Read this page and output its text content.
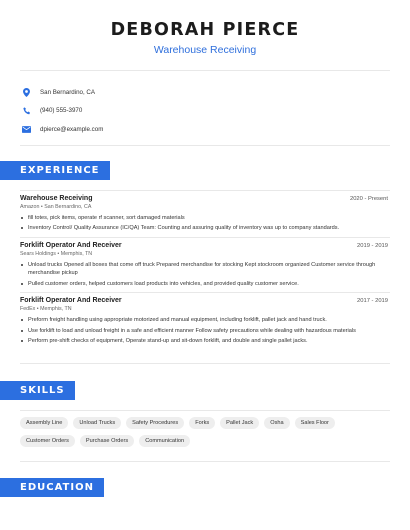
DEBORAH PIERCE
Warehouse Receiving
San Bernardino, CA
(940) 555-3970
dpierce@example.com
EXPERIENCE
Warehouse Receiving	2020 - Present
Amazon • San Bernardino, CA
fill totes, pick items, operate rf scanner, sort damaged materials
Inventory Control/ Quality Assurance (IC/QA) Team: Counting and assuring quality of inventory was up to company standards.
Forklift Operator And Receiver	2019 - 2019
Sears Holdings • Memphis, TN
Unload trucks Opened all boxes that come off truck Prepared merchandise for stocking Kept stockroom organized Customer service through merchandise pickup
Pulled customer orders, helped customers load products into vehicles, and provided quality customer service.
Forklift Operator And Receiver	2017 - 2019
FedEx • Memphis, TN
Preform freight handling using appropriate motorized and manual equipment, including forklift, pallet jack and hand truck.
Use forklift to load and unload freight in a safe and efficient manner Follow safety precautions while dealing with hazardous materials
Perform pre-shift checks of equipment, Operate stand-up and sit-down forklift, and double and single pallet jacks.
SKILLS
Assembly Line	Unload Trucks	Safety Procedures	Forks	Pallet Jack	Osha	Sales Floor
Customer Orders	Purchase Orders	Communication
EDUCATION
